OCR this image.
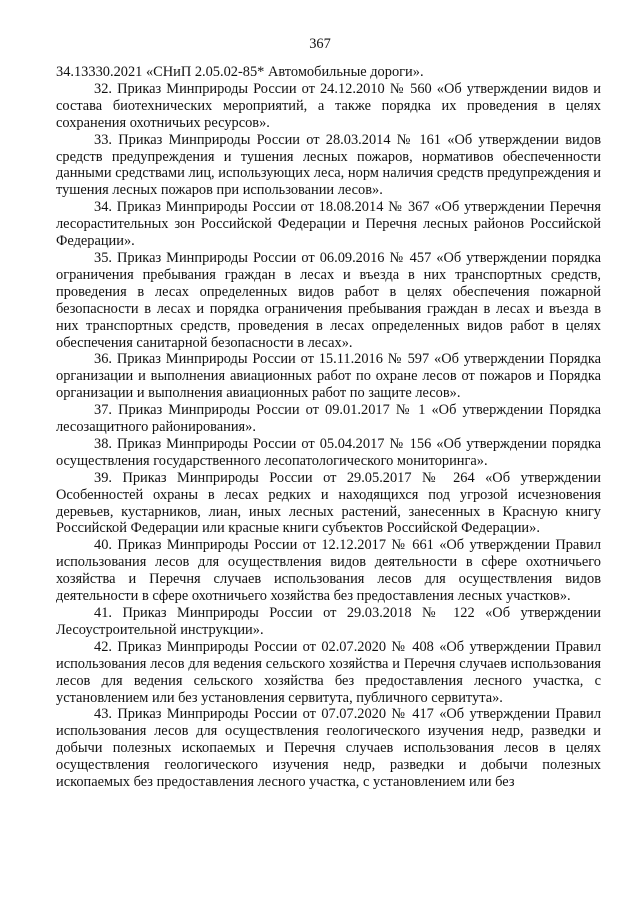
367

34.13330.2021 «СНиП 2.05.02-85* Автомобильные дороги».

32. Приказ Минприроды России от 24.12.2010 № 560 «Об утверждении видов и состава биотехнических мероприятий, а также порядка их проведения в целях сохранения охотничьих ресурсов».

33. Приказ Минприроды России от 28.03.2014 № 161 «Об утверждении видов средств предупреждения и тушения лесных пожаров, нормативов обеспеченности данными средствами лиц, использующих леса, норм наличия средств предупреждения и тушения лесных пожаров при использовании лесов».

34. Приказ Минприроды России от 18.08.2014 № 367 «Об утверждении Перечня лесорастительных зон Российской Федерации и Перечня лесных районов Российской Федерации».

35. Приказ Минприроды России от 06.09.2016 № 457 «Об утверждении порядка ограничения пребывания граждан в лесах и въезда в них транспортных средств, проведения в лесах определенных видов работ в целях обеспечения пожарной безопасности в лесах и порядка ограничения пребывания граждан в лесах и въезда в них транспортных средств, проведения в лесах определенных видов работ в целях обеспечения санитарной безопасности в лесах».

36. Приказ Минприроды России от 15.11.2016 № 597 «Об утверждении Порядка организации и выполнения авиационных работ по охране лесов от пожаров и Порядка организации и выполнения авиационных работ по защите лесов».

37. Приказ Минприроды России от 09.01.2017 № 1 «Об утверждении Порядка лесозащитного районирования».

38. Приказ Минприроды России от 05.04.2017 № 156 «Об утверждении порядка осуществления государственного лесопатологического мониторинга».

39. Приказ Минприроды России от 29.05.2017 № 264 «Об утверждении Особенностей охраны в лесах редких и находящихся под угрозой исчезновения деревьев, кустарников, лиан, иных лесных растений, занесенных в Красную книгу Российской Федерации или красные книги субъектов Российской Федерации».

40. Приказ Минприроды России от 12.12.2017 № 661 «Об утверждении Правил использования лесов для осуществления видов деятельности в сфере охотничьего хозяйства и Перечня случаев использования лесов для осуществления видов деятельности в сфере охотничьего хозяйства без предоставления лесных участков».

41. Приказ Минприроды России от 29.03.2018 № 122 «Об утверждении Лесоустроительной инструкции».

42. Приказ Минприроды России от 02.07.2020 № 408 «Об утверждении Правил использования лесов для ведения сельского хозяйства и Перечня случаев использования лесов для ведения сельского хозяйства без предоставления лесного участка, с установлением или без установления сервитута, публичного сервитута».

43. Приказ Минприроды России от 07.07.2020 № 417 «Об утверждении Правил использования лесов для осуществления геологического изучения недр, разведки и добычи полезных ископаемых и Перечня случаев использования лесов в целях осуществления геологического изучения недр, разведки и добычи полезных ископаемых без предоставления лесного участка, с установлением или без
